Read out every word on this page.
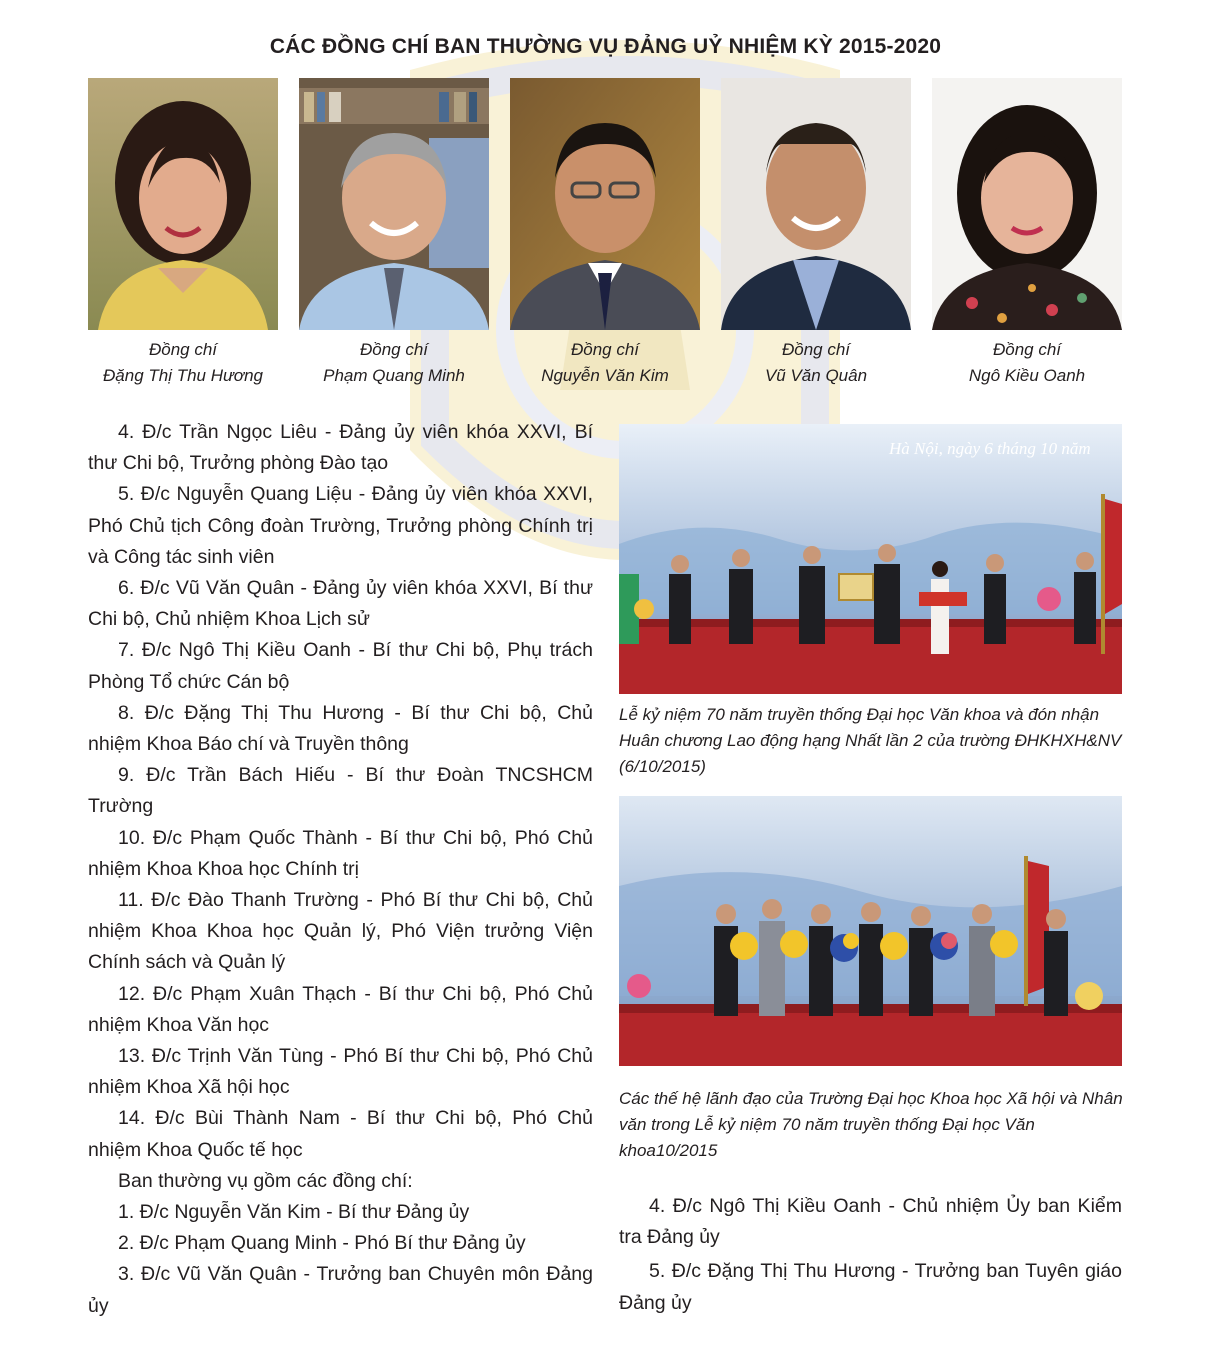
CÁC ĐỒNG CHÍ BAN THƯỜNG VỤ ĐẢNG UỶ NHIỆM KỲ 2015-2020
Đồng chí
Đặng Thị Thu Hương
Đồng chí
Phạm Quang Minh
Đồng chí
Nguyễn Văn Kim
Đồng chí
Vũ Văn Quân
Đồng chí
Ngô Kiều Oanh

4. Đ/c Trần Ngọc Liêu - Đảng ủy viên khóa XXVI, Bí thư Chi bộ, Trưởng phòng Đào tạo

5. Đ/c Nguyễn Quang Liệu - Đảng ủy viên khóa XXVI, Phó Chủ tịch Công đoàn Trường, Trưởng phòng Chính trị và Công tác sinh viên

6. Đ/c Vũ Văn Quân - Đảng ủy viên khóa XXVI, Bí thư Chi bộ, Chủ nhiệm Khoa Lịch sử

7. Đ/c Ngô Thị Kiều Oanh - Bí thư Chi bộ, Phụ trách Phòng Tổ chức Cán bộ

8. Đ/c Đặng Thị Thu Hương - Bí thư Chi bộ, Chủ nhiệm Khoa Báo chí và Truyền thông

9. Đ/c Trần Bách Hiếu - Bí thư Đoàn TNCSHCM Trường

10. Đ/c Phạm Quốc Thành - Bí thư Chi bộ, Phó Chủ nhiệm Khoa Khoa học Chính trị

11. Đ/c Đào Thanh Trường - Phó Bí thư Chi bộ, Chủ nhiệm Khoa Khoa học Quản lý, Phó Viện trưởng Viện Chính sách và Quản lý

12. Đ/c Phạm Xuân Thạch - Bí thư Chi bộ, Phó Chủ nhiệm Khoa Văn học

13. Đ/c Trịnh Văn Tùng - Phó Bí thư Chi bộ, Phó Chủ nhiệm Khoa Xã hội học

14. Đ/c Bùi Thành Nam - Bí thư Chi bộ, Phó Chủ nhiệm Khoa Quốc tế học

Ban thường vụ gồm các đồng chí:

1. Đ/c Nguyễn Văn Kim - Bí thư Đảng ủy

2. Đ/c Phạm Quang Minh - Phó Bí thư Đảng ủy

3. Đ/c Vũ Văn Quân - Trưởng ban Chuyên môn Đảng ủy

Hà Nội, ngày 6 tháng 10 năm
Lễ kỷ niệm 70 năm truyền thống Đại học Văn khoa và đón nhận Huân chương Lao động hạng Nhất lần 2 của trường ĐHKHXH&NV (6/10/2015)
Các thế hệ lãnh đạo của Trường Đại học Khoa học Xã hội và Nhân văn trong Lễ kỷ niệm 70 năm truyền thống Đại học Văn khoa10/2015

4. Đ/c Ngô Thị Kiều Oanh - Chủ nhiệm Ủy ban Kiểm tra Đảng ủy

5. Đ/c Đặng Thị Thu Hương - Trưởng ban Tuyên giáo Đảng ủy
